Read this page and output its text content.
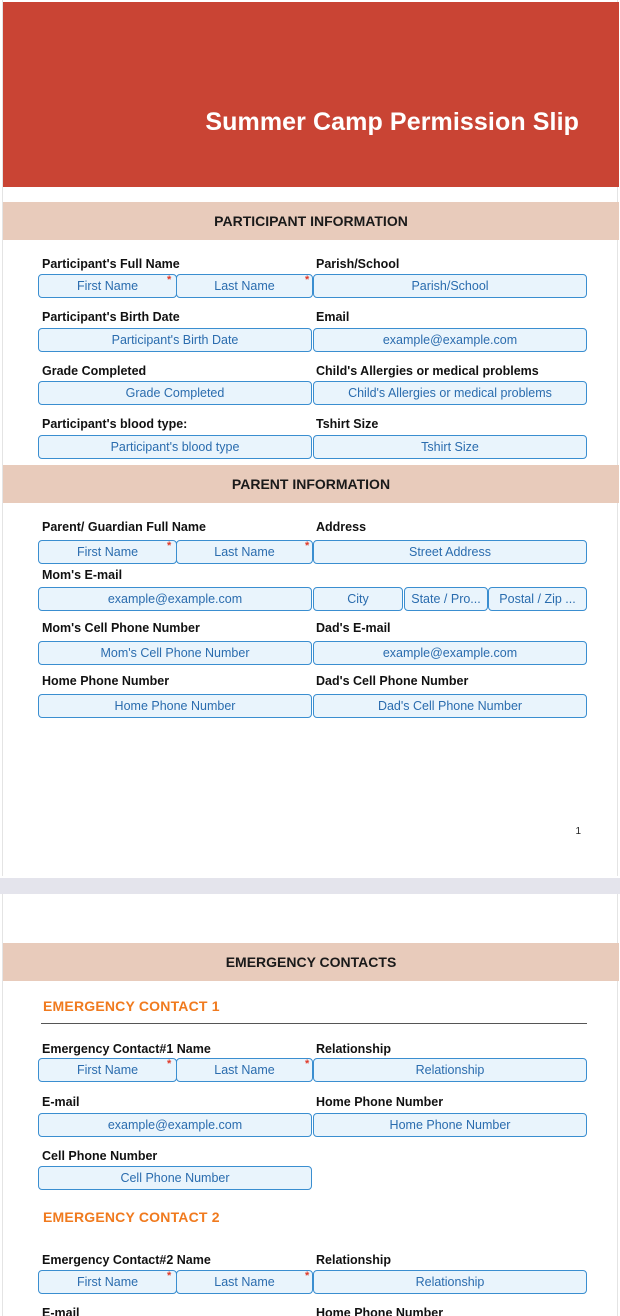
Summer Camp Permission Slip
PARTICIPANT INFORMATION
Participant's Full Name
First Name	*	Last Name	*
Parish/School
Parish/School
Participant's Birth Date
Participant's Birth Date
Email
example@example.com
Grade Completed
Grade Completed
Child's Allergies or medical problems
Child's Allergies or medical problems
Participant's blood type:
Participant's blood type
Tshirt Size
Tshirt Size
PARENT INFORMATION
Parent/ Guardian Full Name
First Name	*	Last Name	*
Address
Street Address
Mom's E-mail
example@example.com	City	State / Pro...	Postal / Zip ...
Mom's Cell Phone Number
Mom's Cell Phone Number
Dad's E-mail
example@example.com
Home Phone Number
Home Phone Number
Dad's Cell Phone Number
Dad's Cell Phone Number
1
EMERGENCY CONTACTS
EMERGENCY CONTACT 1
Emergency Contact#1 Name
First Name	*	Last Name	*
Relationship
Relationship
E-mail
example@example.com
Home Phone Number
Home Phone Number
Cell Phone Number
Cell Phone Number
EMERGENCY CONTACT 2
Emergency Contact#2 Name
First Name	*	Last Name	*
Relationship
Relationship
E-mail	Home Phone Number
